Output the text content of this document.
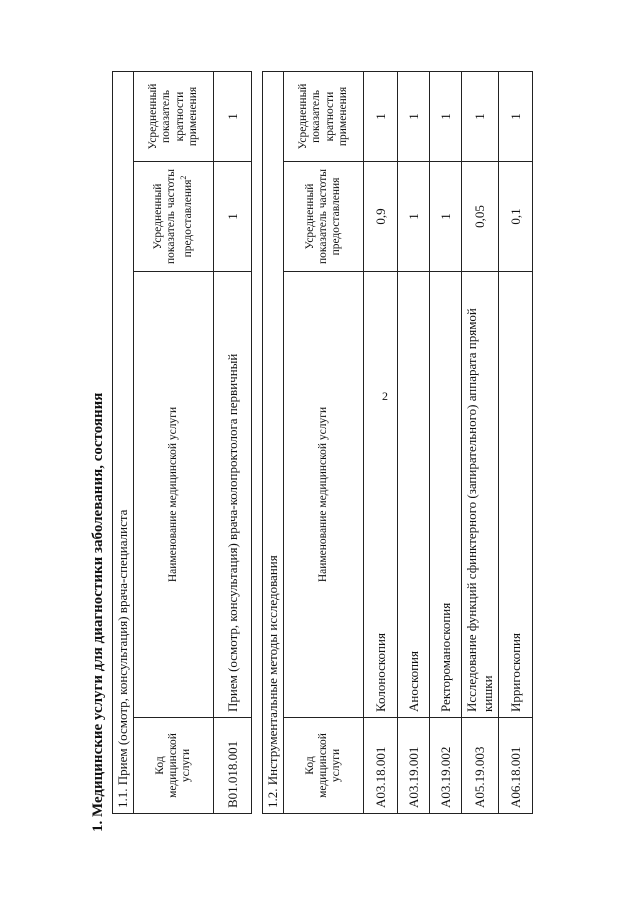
2
1. Медицинские услуги для диагностики заболевания, состояния 1.1. Прием (осмотр, консультация) врача-специалиста			
Код медицинской услуги	Наименование медицинской услуги	Усредненный показатель частоты предоставления$^2$	Усредненный показатель кратности применения
B01.018.001	Прием (осмотр, консультация) врача-колопроктолога первичный	1	1
1.2. Инструментальные методы исследования			
Код медицинской услуги	Наименование медицинской услуги	Усредненный показатель частоты предоставления	Усредненный показатель кратности применения
A03.18.001	Колоноскопия	0,9	1
A03.19.001	Аноскопия	1	1
A03.19.002	Ректороманоскопия	1	1
A05.19.003	Исследование функций сфинктерного (запирательного) аппарата прямой кишки	0,05	1
A06.18.001	Ирригоскопия	0,1	1
